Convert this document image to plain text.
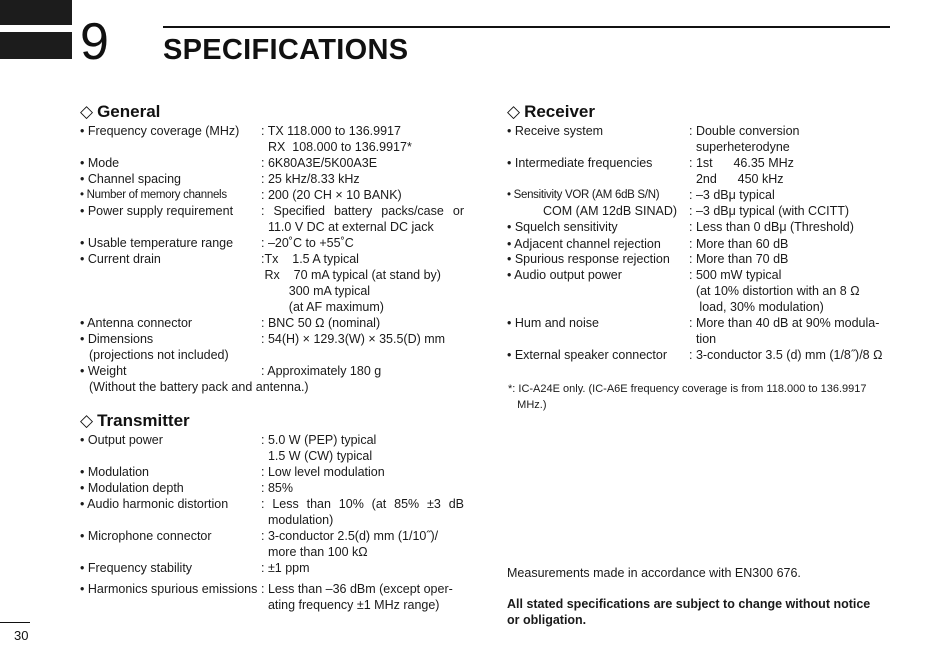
9 SPECIFICATIONS
◇ General
• Frequency coverage (MHz) : TX 118.000 to 136.9917
RX  108.000 to 136.9917*
• Mode	: 6K80A3E/5K00A3E
• Channel spacing	: 25 kHz/8.33 kHz
• Number of memory channels	: 200 (20 CH × 10 BANK)
• Power supply requirement : Specified battery packs/case or
11.0 V DC at external DC jack
• Usable temperature range : –20˚C to +55˚C
• Current drain	:Tx    1.5 A typical
Rx    70 mA typical (at stand by)
300 mA typical
(at AF maximum)
• Antenna connector	: BNC 50 Ω (nominal)
• Dimensions	: 54(H) × 129.3(W) × 35.5(D) mm
(projections not included)
• Weight	: Approximately 180 g
(Without the battery pack and antenna.)
◇ Transmitter
• Output power	: 5.0 W (PEP) typical
1.5 W (CW) typical
• Modulation	: Low level modulation
• Modulation depth	: 85%
• Audio harmonic distortion	: Less than 10% (at 85% ±3 dB
modulation)
• Microphone connector	: 3-conductor 2.5(d) mm (1/10˝)/
more than 100 kΩ
• Frequency stability	: ±1 ppm
• Harmonics spurious emissions : Less than –36 dBm (except oper-
ating frequency ±1 MHz range)
◇ Receiver
• Receive system	: Double conversion
superheterodyne
• Intermediate frequencies	: 1st      46.35 MHz
2nd      450 kHz
• Sensitivity VOR (AM 6dB S/N) : –3 dBμ typical
COM (AM 12dB SINAD) : –3 dBμ typical (with CCITT)
• Squelch sensitivity	: Less than 0 dBμ (Threshold)
• Adjacent channel rejection : More than 60 dB
• Spurious response rejection : More than 70 dB
• Audio output power	: 500 mW typical
(at 10% distortion with an 8 Ω
load, 30% modulation)
• Hum and noise	: More than 40 dB at 90% modula-
tion
• External speaker connector : 3-conductor 3.5 (d) mm (1/8˝)/8 Ω
*: IC-A24E only. (IC-A6E frequency coverage is from 118.000 to 136.9917
MHz.)
Measurements made in accordance with EN300 676.
All stated specifications are subject to change without notice
or obligation.
30
